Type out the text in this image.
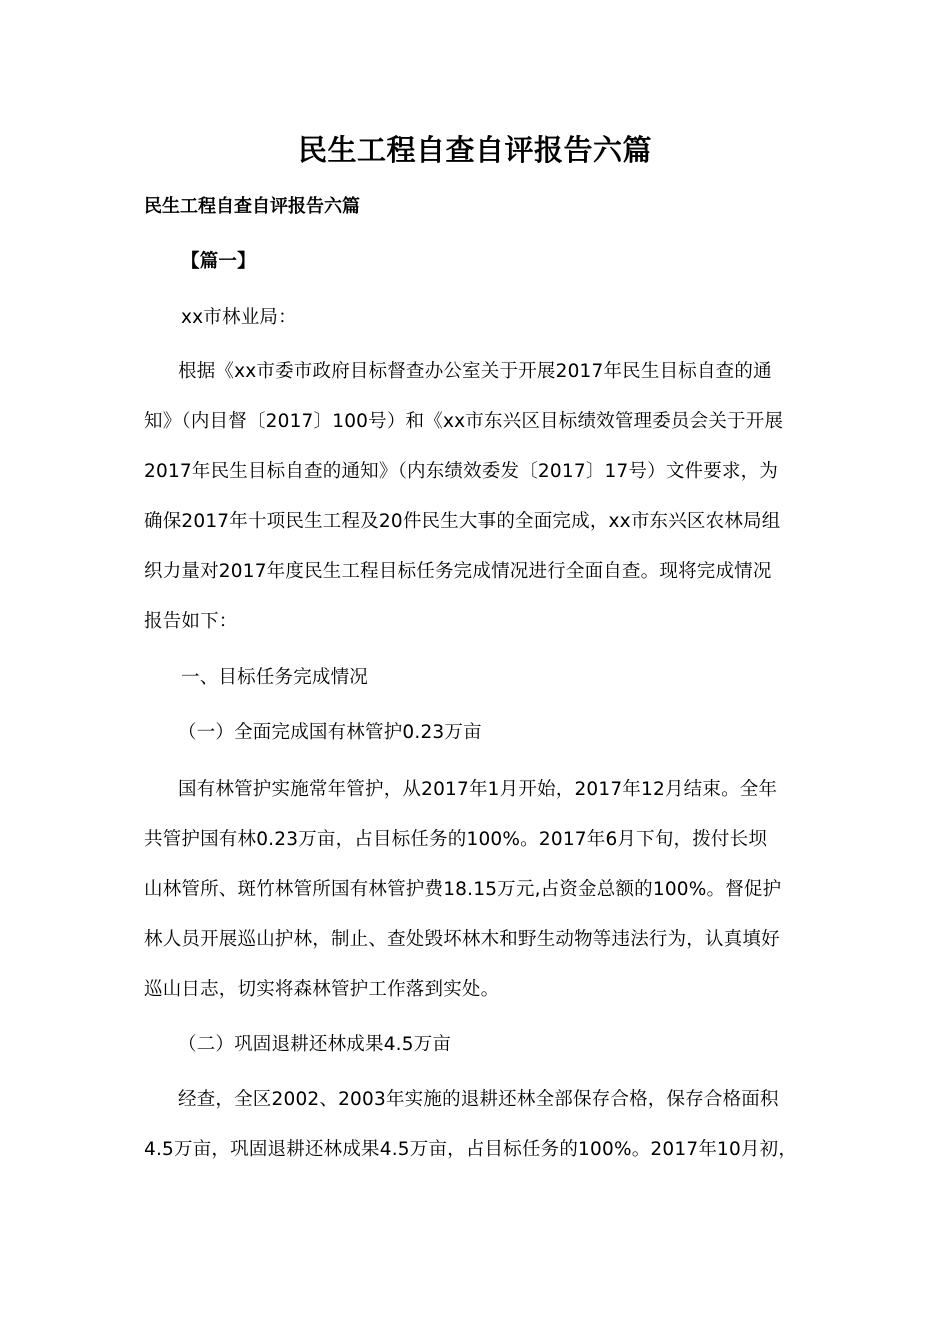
民生工程自查自评报告六篇

民生工程自查自评报告六篇

【篇一】

xx市林业局：

根据《xx市委市政府目标督查办公室关于开展2017年民生目标自查的通
知》（内目督〔2017〕100号）和《xx市东兴区目标绩效管理委员会关于开展
2017年民生目标自查的通知》（内东绩效委发〔2017〕17号）文件要求，为
确保2017年十项民生工程及20件民生大事的全面完成，xx市东兴区农林局组
织力量对2017年度民生工程目标任务完成情况进行全面自查。现将完成情况
报告如下：

一、目标任务完成情况

（一）全面完成国有林管护0.23万亩

国有林管护实施常年管护，从2017年1月开始，2017年12月结束。全年
共管护国有林0.23万亩，占目标任务的100%。2017年6月下旬，拨付长坝
山林管所、斑竹林管所国有林管护费18.15万元,占资金总额的100%。督促护
林人员开展巡山护林，制止、查处毁坏林木和野生动物等违法行为，认真填好
巡山日志，切实将森林管护工作落到实处。

（二）巩固退耕还林成果4.5万亩

经查，全区2002、2003年实施的退耕还林全部保存合格，保存合格面积
4.5万亩，巩固退耕还林成果4.5万亩，占目标任务的100%。2017年10月初，
